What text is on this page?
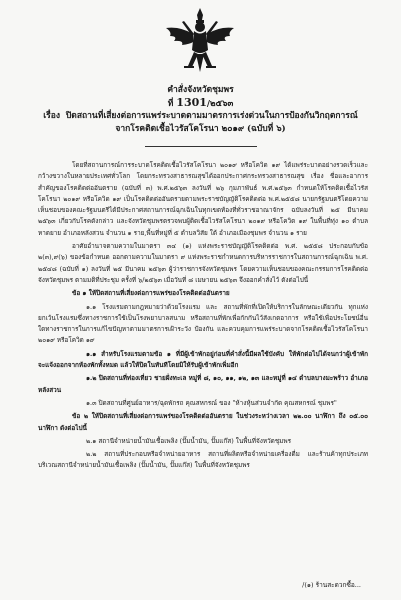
คำสั่งจังหวัดชุมพร
ที่ 1301/๒๕๖๓
เรื่อง ปิดสถานที่เสี่ยงต่อการแพร่ระบาดตามมาตรการเร่งด่วนในการป้องกันวิกฤตการณ์
จากโรคติดเชื้อไวรัสโคโรนา ๒๐๑๙ (ฉบับที่ ๖)

โดยที่สถานการณ์การระบาดโรคติดเชื้อไวรัสโคโรนา ๒๐๑๙ หรือโควิด ๑๙ ได้แพร่ระบาดอย่างรวดเร็วและกว้างขวางในหลายประเทศทั่วโลก โดยกระทรวงสาธารณสุขได้ออกประกาศกระทรวงสาธารณสุข เรื่อง ชื่อและอาการสำคัญของโรคติดต่ออันตราย (ฉบับที่ ๓) พ.ศ.๒๕๖๓ ลงวันที่ ๒๖ กุมภาพันธ์ พ.ศ.๒๕๖๓ กำหนดให้โรคติดเชื้อไวรัสโคโรนา ๒๐๑๙ หรือโควิด ๑๙ เป็นโรคติดต่ออันตรายตามพระราชบัญญัติโรคติดต่อ พ.ศ.๒๕๕๘ นายกรัฐมนตรีโดยความเห็นชอบของคณะรัฐมนตรีได้มีประกาศสถานการณ์ฉุกเฉินในทุกเขตท้องที่ทั่วราชอาณาจักร ฉบับลงวันที่ ๒๕ มีนาคม ๒๕๖๓ เกี่ยวกับโรคดังกล่าว และจังหวัดชุมพรตรวจพบผู้ติดเชื้อไวรัสโคโรนา ๒๐๑๙ หรือโควิด ๑๙ ในพื้นที่ทุ่ง ๑๐ ตำบลหาดยาย อำเภอหลังสวน จำนวน ๑ ราย,พื้นที่หมู่ที่ ๕ ตำบลวิสัย ใต้ อำเภอเมืองชุมพร จำนวน ๑ ราย

อาศัยอำนาจตามความในมาตรา ๓๔ (๑) แห่งพระราชบัญญัติโรคติดต่อ พ.ศ. ๒๕๕๘ ประกอบกับข้อ ๒(๓),๙(๖) ของข้อกำหนด ออกตามความในมาตรา ๙ แห่งพระราชกำหนดการบริหารราชการในสถานการณ์ฉุกเฉิน พ.ศ. ๒๕๔๘ (ฉบับที่ ๑) ลงวันที่ ๒๕ มีนาคม ๒๕๖๓ ผู้ว่าราชการจังหวัดชุมพร โดยความเห็นชอบของคณะกรรมการโรคติดต่อจังหวัดชุมพร ตามมติที่ประชุม ครั้งที่ ๖/๒๕๖๓ เมื่อวันที่ ๘ เมษายน ๒๕๖๓ จึงออกคำสั่งไว้ ดังต่อไปนี้

ข้อ ๑ ให้ปิดสถานที่เสี่ยงต่อการแพร่ของโรคติดต่ออันตราย

๑.๑ โรงแรมตามกฎหมายว่าด้วยโรงแรม และ สถานที่พักที่เปิดให้บริการในลักษณะเดียวกัน ทุกแห่ง ยกเว้นโรงแรมซึ่งทางราชการใช้เป็นโรงพยาบาลสนาม หรือสถานที่พักเพื่อกักกันไว้สังเกตอาการ หรือใช้เพื่อประโยชน์อื่นใดทางราชการในการแก้ไขปัญหาตามมาตรการเฝ้าระวัง ป้องกัน และควบคุมการแพร่ระบาดจากโรคติดเชื้อไวรัสโคโรนา ๒๐๑๙ หรือโควิด ๑๙

๑.๑ สำหรับโรงแรมตามข้อ ๑ ที่มีผู้เข้าพักอยู่ก่อนที่คำสั่งนี้มีผลใช้บังคับ ให้พักต่อไปได้จนกว่าผู้เข้าพักจะแจ้งออกจากห้องพักทั้งหมด แล้วให้ปิดในทันทีโดยมิให้รับผู้เข้าพักเพิ่มอีก

๑.๒ ปิดสถานที่ท่องเที่ยว ชายฝั่งทะเล หมู่ที่ ๘, ๑๐, ๑๑, ๑๒, ๑๓ และหมู่ที่ ๑๔ ตำบลบางมะพร้าว อำเภอหลังสวน

๑.๓ ปิดสถานที่ศูนย์อาหาร/ฉุดพักรถ คุณสหกรณ์ ของ "ห้างหุ้นส่วนจำกัด คุณสหกรณ์ ชุมพร"

ข้อ ๒ ให้ปิดสถานที่เสี่ยงต่อการแพร่ของโรคติดต่ออันตราย ในช่วงระหว่างเวลา ๒๒.๐๐ นาฬิกา ถึง ๐๕.๐๐ นาฬิกา ดังต่อไปนี้

๒.๑ สถานีจำหน่ายน้ำมันเชื้อเพลิง (ปั๊มน้ำมัน, ปั๊มแก๊ส) ในพื้นที่จังหวัดชุมพร

๒.๒ สถานที่ประกอบหรือจำหน่ายอาหาร สถานที่ผลิตหรือจำหน่ายเครื่องดื่ม และร้านค้าทุกประเภท บริเวณสถานีจำหน่ายน้ำมันเชื้อเพลิง (ปั๊มน้ำมัน, ปั๊มแก๊ส) ในพื้นที่จังหวัดชุมพร

/(๑) ร้านสะดวกซื้อ...
